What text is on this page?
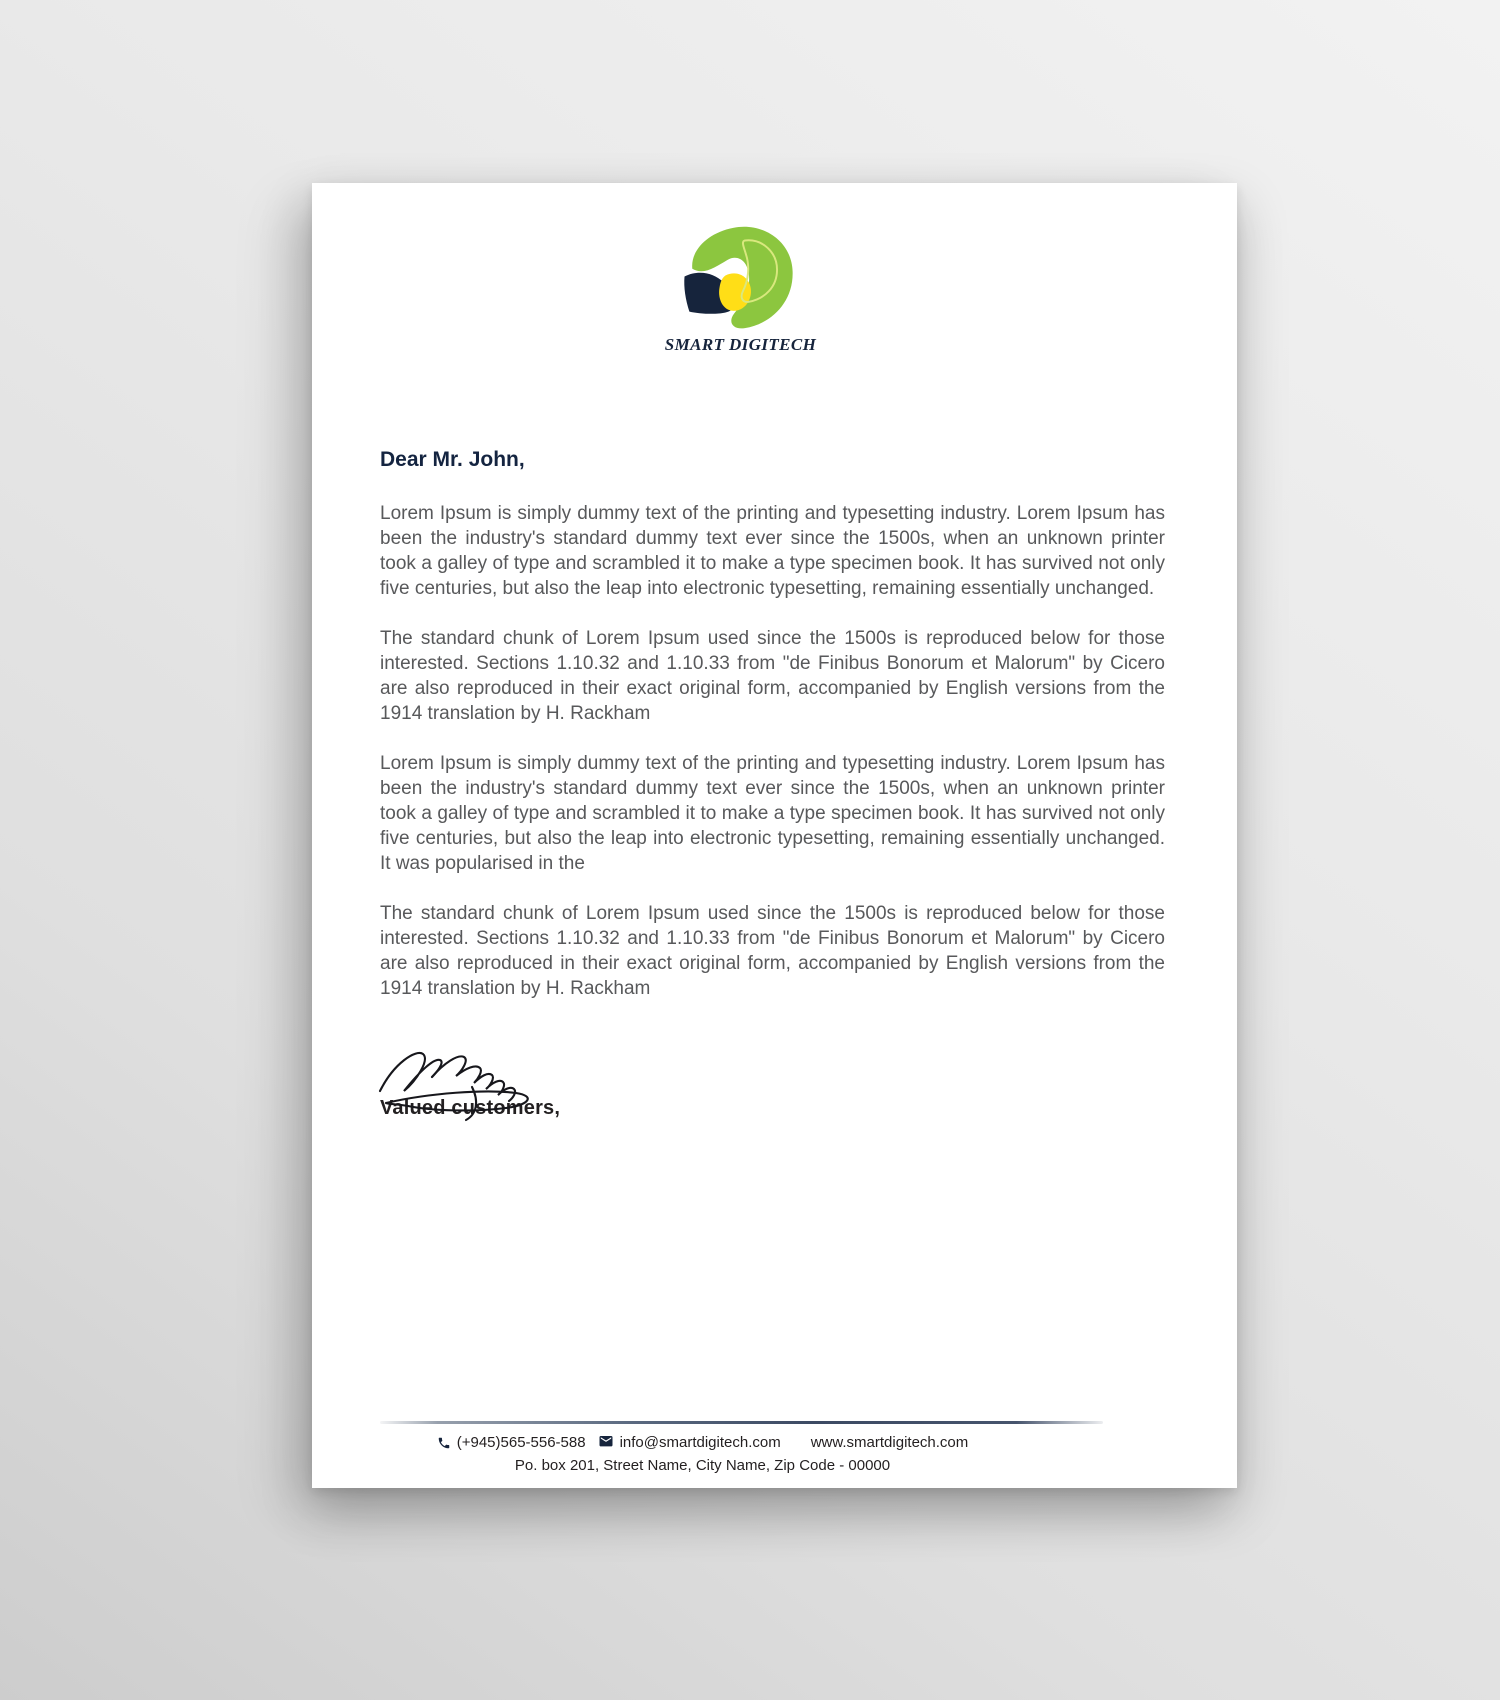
SMART DIGITECH
Dear Mr. John,

Lorem Ipsum is simply dummy text of the printing and typesetting industry. Lorem Ipsum has been the industry's standard dummy text ever since the 1500s, when an unknown printer took a galley of type and scrambled it to make a type specimen book. It has survived not only five centuries, but also the leap into electronic typesetting, remaining essentially unchanged.

The standard chunk of Lorem Ipsum used since the 1500s is reproduced below for those interested. Sections 1.10.32 and 1.10.33 from "de Finibus Bonorum et Malorum" by Cicero are also reproduced in their exact original form, accompanied by English versions from the 1914 translation by H. Rackham

Lorem Ipsum is simply dummy text of the printing and typesetting industry. Lorem Ipsum has been the industry's standard dummy text ever since the 1500s, when an unknown printer took a galley of type and scrambled it to make a type specimen book. It has survived not only five centuries, but also the leap into electronic typesetting, remaining essentially unchanged. It was popularised in the

The standard chunk of Lorem Ipsum used since the 1500s is reproduced below for those interested. Sections 1.10.32 and 1.10.33 from "de Finibus Bonorum et Malorum" by Cicero are also reproduced in their exact original form, accompanied by English versions from the 1914 translation by H. Rackham

Valued customers,
(+945)565-556-588 info@smartdigitech.com www.smartdigitech.com
Po. box 201, Street Name, City Name, Zip Code - 00000
